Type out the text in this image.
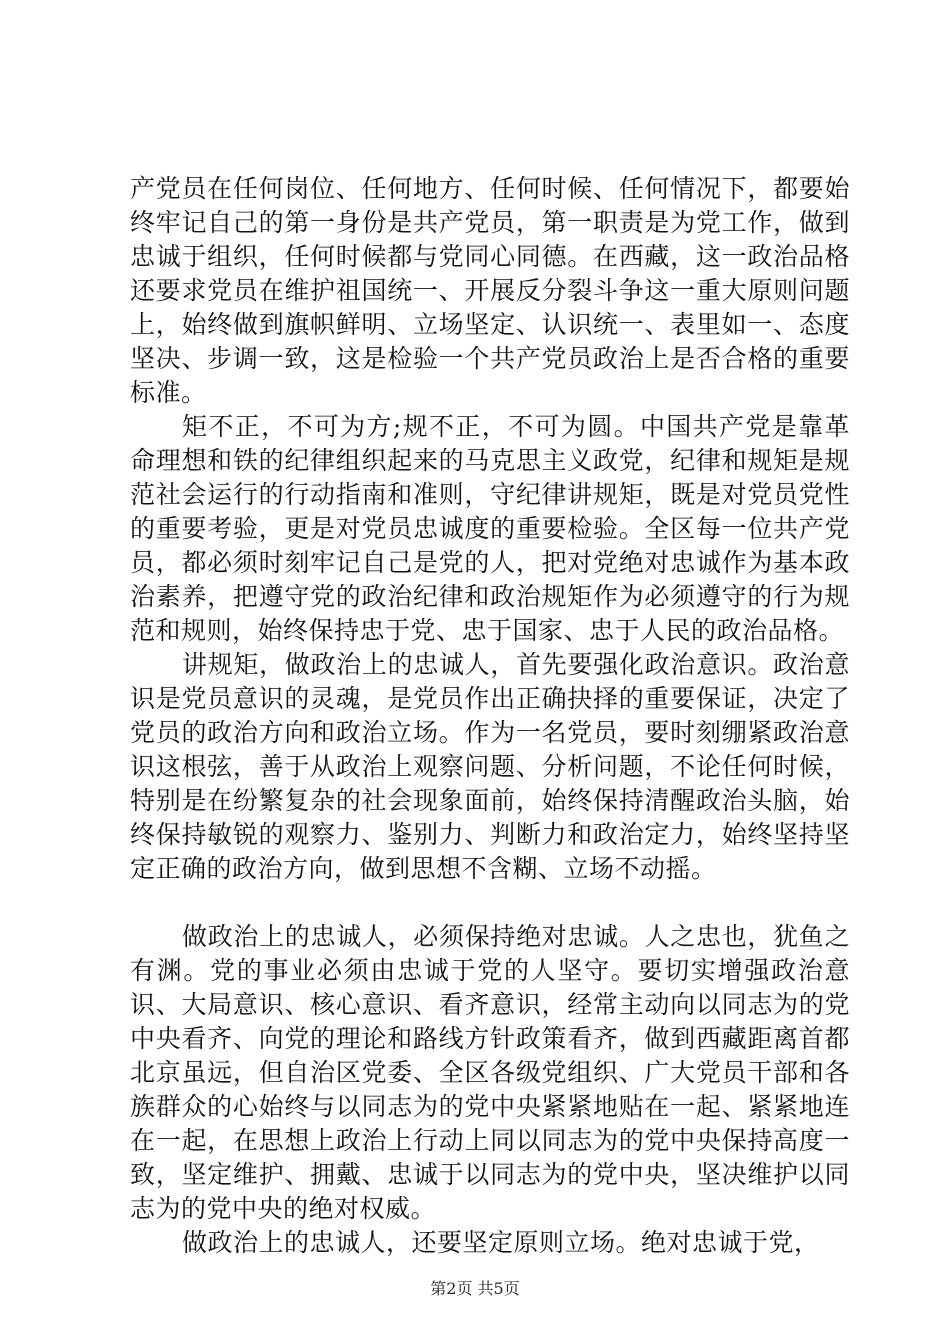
产党员在任何岗位、任何地方、任何时候、任何情况下，都要始终牢记自己的第一身份是共产党员，第一职责是为党工作，做到忠诚于组织，任何时候都与党同心同德。在西藏，这一政治品格还要求党员在维护祖国统一、开展反分裂斗争这一重大原则问题上，始终做到旗帜鲜明、立场坚定、认识统一、表里如一、态度坚决、步调一致，这是检验一个共产党员政治上是否合格的重要标准。

矩不正，不可为方;规不正，不可为圆。中国共产党是靠革命理想和铁的纪律组织起来的马克思主义政党，纪律和规矩是规范社会运行的行动指南和准则，守纪律讲规矩，既是对党员党性的重要考验，更是对党员忠诚度的重要检验。全区每一位共产党员，都必须时刻牢记自己是党的人，把对党绝对忠诚作为基本政治素养，把遵守党的政治纪律和政治规矩作为必须遵守的行为规范和规则，始终保持忠于党、忠于国家、忠于人民的政治品格。

讲规矩，做政治上的忠诚人，首先要强化政治意识。政治意识是党员意识的灵魂，是党员作出正确抉择的重要保证，决定了党员的政治方向和政治立场。作为一名党员，要时刻绷紧政治意识这根弦，善于从政治上观察问题、分析问题，不论任何时候，特别是在纷繁复杂的社会现象面前，始终保持清醒政治头脑，始终保持敏锐的观察力、鉴别力、判断力和政治定力，始终坚持坚定正确的政治方向，做到思想不含糊、立场不动摇。

做政治上的忠诚人，必须保持绝对忠诚。人之忠也，犹鱼之有渊。党的事业必须由忠诚于党的人坚守。要切实增强政治意识、大局意识、核心意识、看齐意识，经常主动向以同志为的党中央看齐、向党的理论和路线方针政策看齐，做到西藏距离首都北京虽远，但自治区党委、全区各级党组织、广大党员干部和各族群众的心始终与以同志为的党中央紧紧地贴在一起、紧紧地连在一起，在思想上政治上行动上同以同志为的党中央保持高度一致，坚定维护、拥戴、忠诚于以同志为的党中央，坚决维护以同志为的党中央的绝对权威。

做政治上的忠诚人，还要坚定原则立场。绝对忠诚于党，

第2页 共5页
